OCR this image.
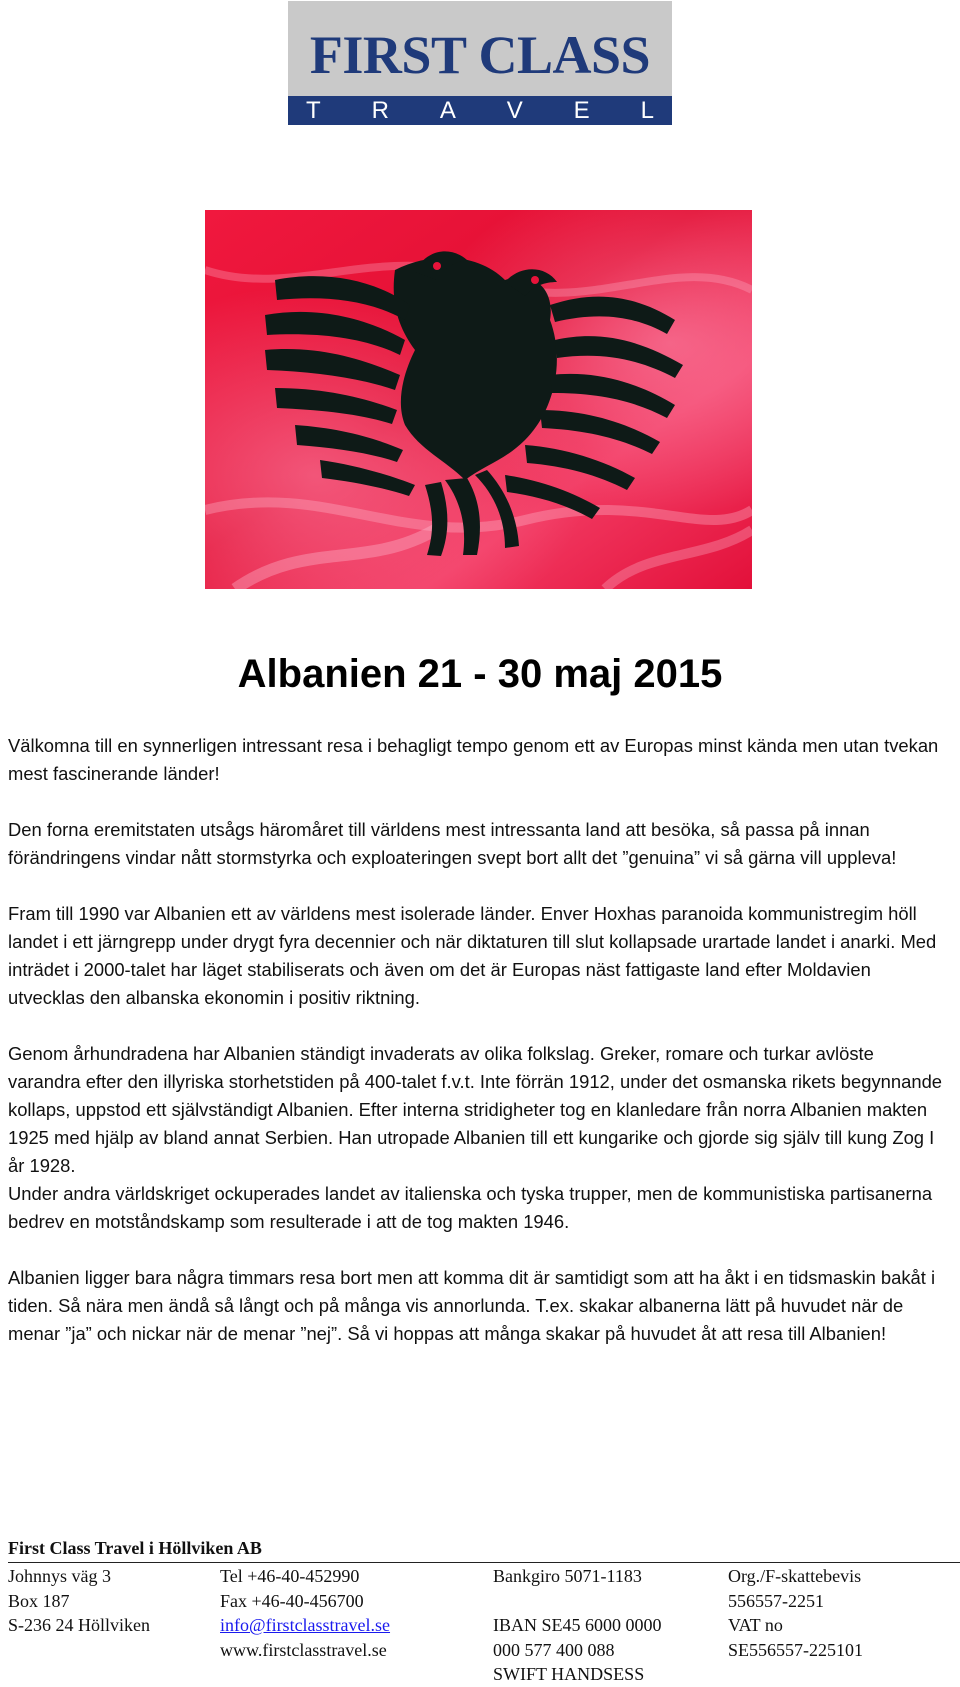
FIRST CLASS
T R A V E L
Albanien 21 - 30 maj 2015

Välkomna till en synnerligen intressant resa i behagligt tempo genom ett av Europas minst kända men utan tvekan mest fascinerande länder!

Den forna eremitstaten utsågs häromåret till världens mest intressanta land att besöka, så passa på innan förändringens vindar nått stormstyrka och exploateringen svept bort allt det ”genuina” vi så gärna vill uppleva!

Fram till 1990 var Albanien ett av världens mest isolerade länder. Enver Hoxhas paranoida kommunistregim höll landet i ett järngrepp under drygt fyra decennier och när diktaturen till slut kollapsade urartade landet i anarki. Med inträdet i 2000-talet har läget stabiliserats och även om det är Europas näst fattigaste land efter Moldavien utvecklas den albanska ekonomin i positiv riktning.

Genom århundradena har Albanien ständigt invaderats av olika folkslag. Greker, romare och turkar avlöste varandra efter den illyriska storhetstiden på 400-talet f.v.t. Inte förrän 1912, under det osmanska rikets begynnande kollaps, uppstod ett självständigt Albanien. Efter interna stridigheter tog en klanledare från norra Albanien makten 1925 med hjälp av bland annat Serbien. Han utropade Albanien till ett kungarike och gjorde sig själv till kung Zog I år 1928.

Under andra världskriget ockuperades landet av italienska och tyska trupper, men de kommunistiska partisanerna bedrev en motståndskamp som resulterade i att de tog makten 1946.

Albanien ligger bara några timmars resa bort men att komma dit är samtidigt som att ha åkt i en tidsmaskin bakåt i tiden. Så nära men ändå så långt och på många vis annorlunda. T.ex. skakar albanerna lätt på huvudet när de menar ”ja” och nickar när de menar ”nej”. Så vi hoppas att många skakar på huvudet åt att resa till Albanien!

First Class Travel i Höllviken AB
Johnnys väg 3
Box 187
S-236 24 Höllviken
Tel +46-40-452990
Fax +46-40-456700
info@firstclasstravel.se
www.firstclasstravel.se
Bankgiro 5071-1183
IBAN SE45 6000 0000
000 577 400 088
SWIFT HANDSESS
Org./F-skattebevis
556557-2251
VAT no
SE556557-225101
